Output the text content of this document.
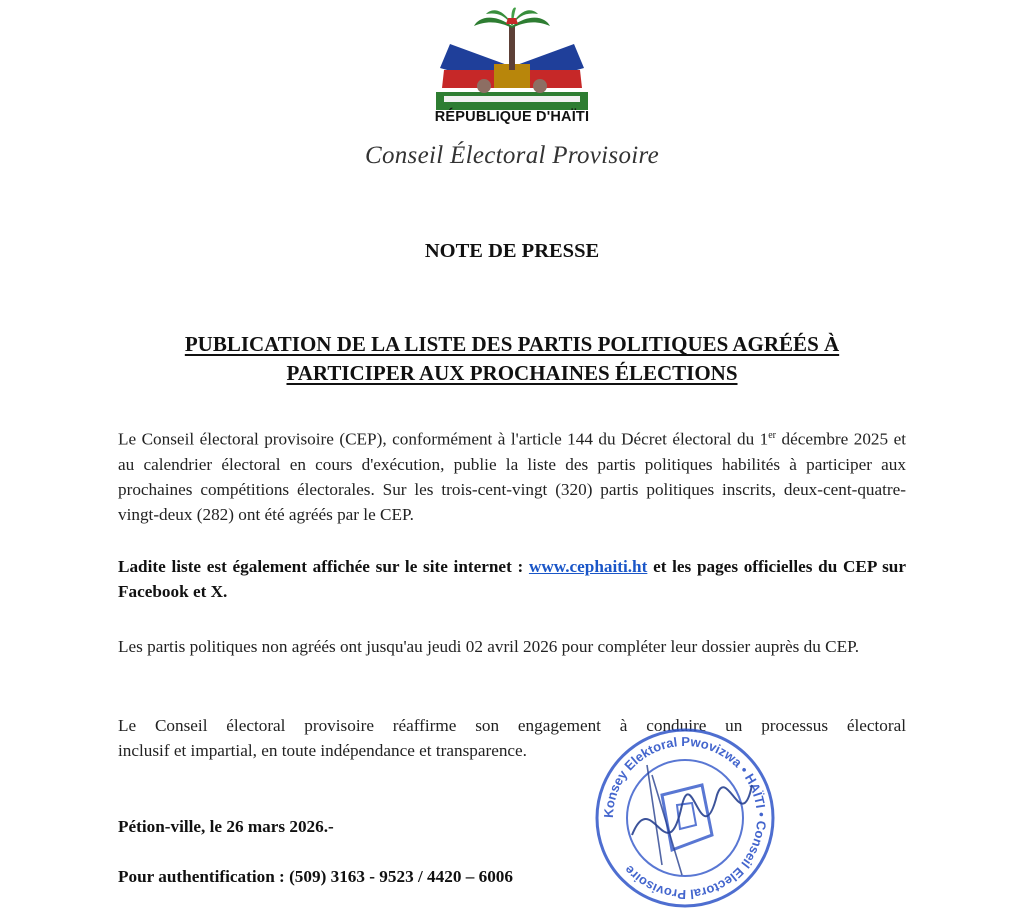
RÉPUBLIQUE D'HAÏTI
Conseil Électoral Provisoire
NOTE DE PRESSE
PUBLICATION DE LA LISTE DES PARTIS POLITIQUES AGRÉÉS À
PARTICIPER AUX PROCHAINES ÉLECTIONS
Le Conseil électoral provisoire (CEP), conformément à l'article 144 du Décret électoral du 1er décembre 2025 et au calendrier électoral en cours d'exécution, publie la liste des partis politiques habilités à participer aux prochaines compétitions électorales. Sur les trois-cent-vingt (320) partis politiques inscrits, deux-cent-quatre-vingt-deux (282) ont été agréés par le CEP.
Ladite liste est également affichée sur le site internet : www.cephaiti.ht et les pages officielles du CEP sur Facebook et X.
Les partis politiques non agréés ont jusqu'au jeudi 02 avril 2026 pour compléter leur dossier auprès du CEP.
Le Conseil électoral provisoire réaffirme son engagement à conduire un processus électoral
inclusif et impartial, en toute indépendance et transparence.
Pétion-ville, le 26 mars 2026.-
Pour authentification : (509) 3163 - 9523 / 4420 – 6006
Konsey Elektoral Pwovizwa • HAÏTI • Conseil Electoral Provisoire
